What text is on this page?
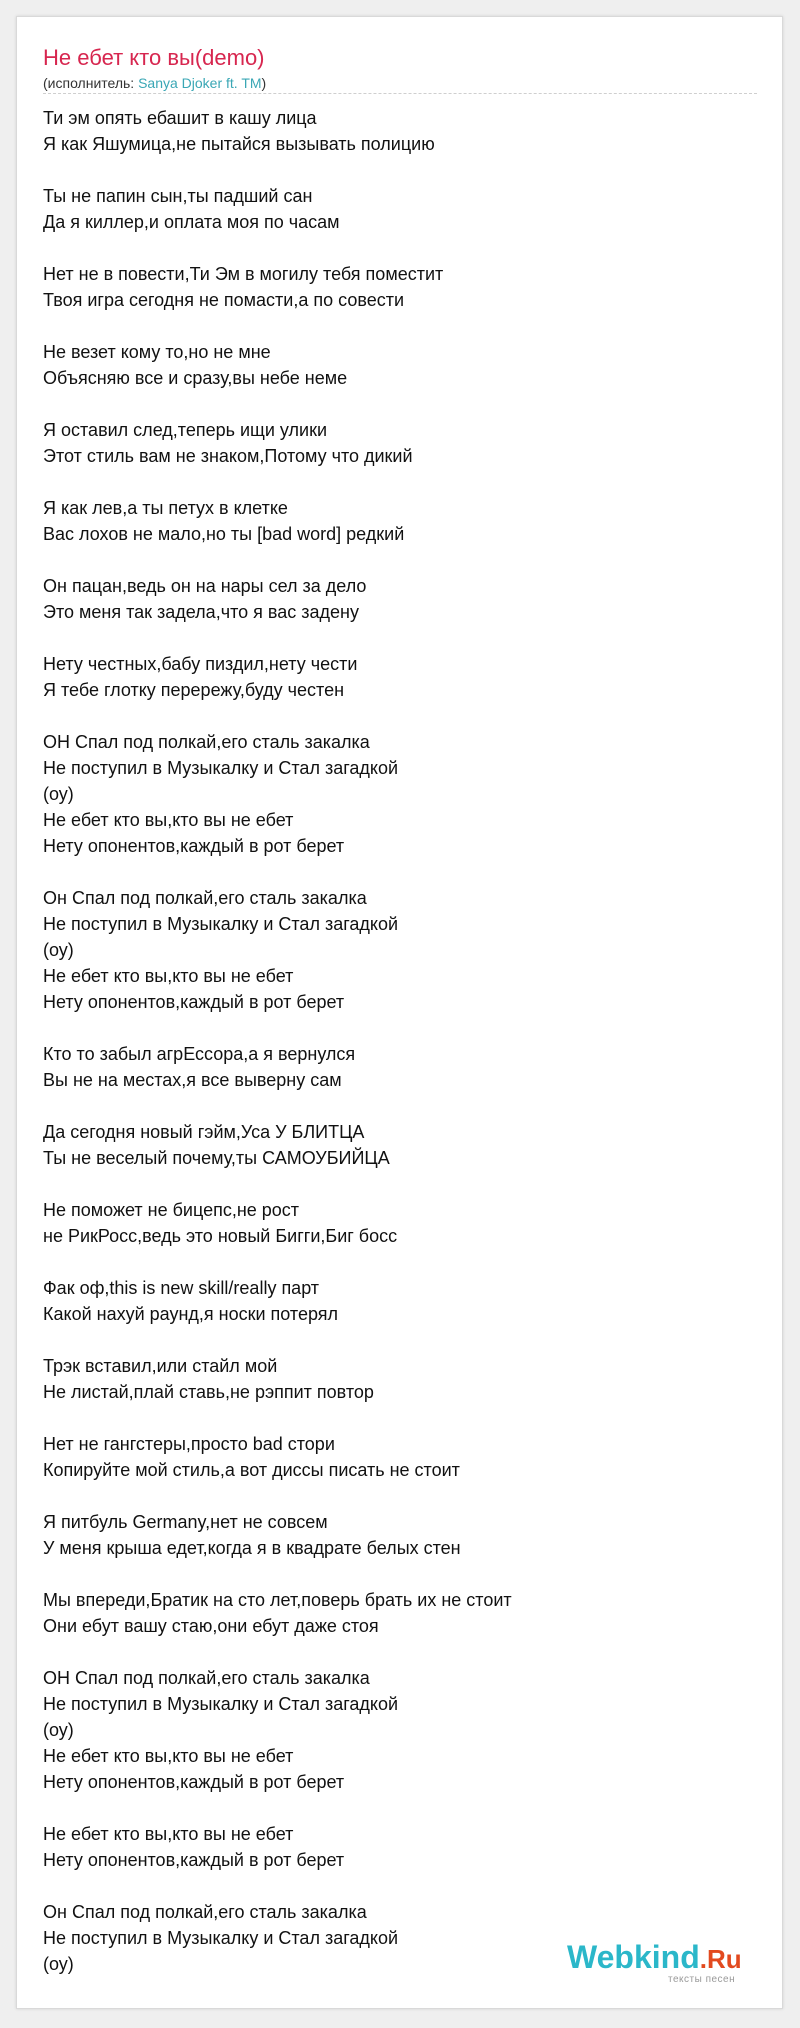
Не ебет кто вы(demo)
(исполнитель: Sanya Djoker ft. TM)
Ти эм опять ебашит в кашу лица
Я как Яшумица,не пытайся вызывать полицию
Ты не папин сын,ты падший сан
Да я киллер,и оплата моя по часам
Нет не в повести,Ти Эм в могилу тебя поместит
Твоя игра сегодня не помасти,а по совести
Не везет кому то,но не мне
Объясняю все и сразу,вы небе неме
Я оставил след,теперь ищи улики
Этот стиль вам не знаком,Потому что дикий
Я как лев,а ты петух в клетке
Вас лохов не мало,но ты [bad word] редкий
Он пацан,ведь он на нары сел за дело
Это меня так задела,что я вас задену
Нету честных,бабу пиздил,нету чести
Я тебе глотку перережу,буду честен
ОН Спал под полкай,его сталь закалка
Не поступил в Музыкалку и Стал загадкой
(оу)
Не ебет кто вы,кто вы не ебет
Нету опонентов,каждый в рот берет
Он Спал под полкай,его сталь закалка
Не поступил в Музыкалку и Стал загадкой
(оу)
Не ебет кто вы,кто вы не ебет
Нету опонентов,каждый в рот берет
Кто то забыл агрЕссора,а я вернулся
Вы не на местах,я все выверну сам
Да сегодня новый гэйм,Уса У БЛИТЦА
Ты не веселый почему,ты САМОУБИЙЦА
Не поможет не бицепс,не рост
не РикРосс,ведь это новый Бигги,Биг босс
Фак оф,this is new skill/really парт
Какой нахуй раунд,я носки потерял
Трэк вставил,или стайл мой
Не листай,плай ставь,не рэппит повтор
Нет не гангстеры,просто bad стори
Копируйте мой стиль,а вот диссы писать не стоит
Я питбуль Germany,нет не совсем
У меня крыша едет,когда я в квадрате белых стен
Мы впереди,Братик на сто лет,поверь брать их не стоит
Они ебут вашу стаю,они ебут даже стоя
ОН Спал под полкай,его сталь закалка
Не поступил в Музыкалку и Стал загадкой
(оу)
Не ебет кто вы,кто вы не ебет
Нету опонентов,каждый в рот берет
Не ебет кто вы,кто вы не ебет
Нету опонентов,каждый в рот берет
Он Спал под полкай,его сталь закалка
Не поступил в Музыкалку и Стал загадкой
(оу)	Webkind.Ru
тексты песен
